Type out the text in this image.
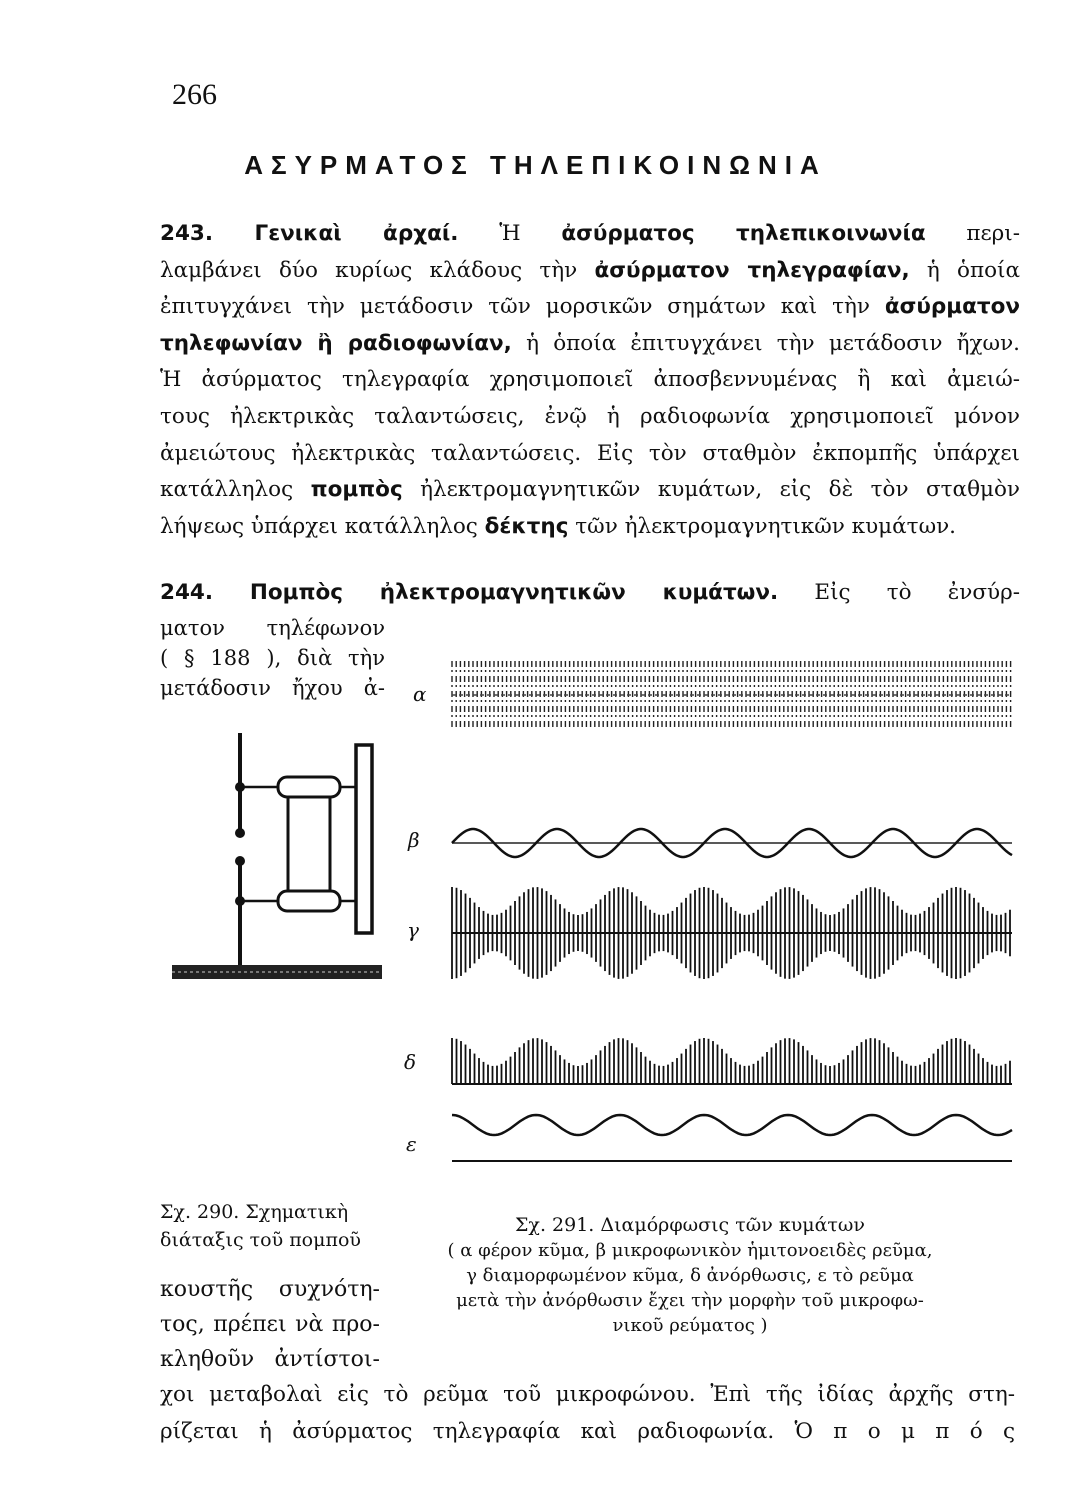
266
ΑΣΥΡΜΑΤΟΣ ΤΗΛΕΠΙΚΟΙΝΩΝΙΑ
243. Γενικαὶ ἀρχαί. Ἡ ἀσύρματος τηλεπικοινωνία περι-
λαμβάνει δύο κυρίως κλάδους τὴν ἀσύρματον τηλεγραφίαν, ἡ ὁποία
ἐπιτυγχάνει τὴν μετάδοσιν τῶν μορσικῶν σημάτων καὶ τὴν ἀσύρματον
τηλεφωνίαν ἢ ραδιοφωνίαν, ἡ ὁποία ἐπιτυγχάνει τὴν μετάδοσιν ἤχων.
Ἡ ἀσύρματος τηλεγραφία χρησιμοποιεῖ ἀποσβεννυμένας ἢ καὶ ἀμειώ-
τους ἠλεκτρικὰς ταλαντώσεις, ἐνῷ ἡ ραδιοφωνία χρησιμοποιεῖ μόνον
ἀμειώτους ἠλεκτρικὰς ταλαντώσεις. Εἰς τὸν σταθμὸν ἐκπομπῆς ὑπάρχει
κατάλληλος πομπὸς ἠλεκτρομαγνητικῶν κυμάτων, εἰς δὲ τὸν σταθμὸν
λήψεως ὑπάρχει κατάλληλος δέκτης τῶν ἠλεκτρομαγνητικῶν κυμάτων.
244. Πομπὸς ἠλεκτρομαγνητικῶν κυμάτων. Εἰς τὸ ἐνσύρ-
ματον τηλέφωνον
( § 188 ), διὰ τὴν
μετάδοσιν ἤχου ἀ- α
β
γ
δ
ε
Σχ. 290. Σχηματικὴ
διάταξις τοῦ πομποῦ
Σχ. 291. Διαμόρφωσις τῶν κυμάτων
( α φέρον κῦμα, β μικροφωνικὸν ἡμιτονοειδὲς ρεῦμα,
γ διαμορφωμένον κῦμα, δ ἀνόρθωσις, ε τὸ ρεῦμα
μετὰ τὴν ἀνόρθωσιν ἔχει τὴν μορφὴν τοῦ μικροφω-
νικοῦ ρεύματος )
κουστῆς συχνότη-
τος, πρέπει νὰ προ-
κληθοῦν ἀντίστοι-
χοι μεταβολαὶ εἰς τὸ ρεῦμα τοῦ μικροφώνου. Ἐπὶ τῆς ἰδίας ἀρχῆς στη-
ρίζεται ἡ ἀσύρματος τηλεγραφία καὶ ραδιοφωνία. Ὁ π ο μ π ό ς
